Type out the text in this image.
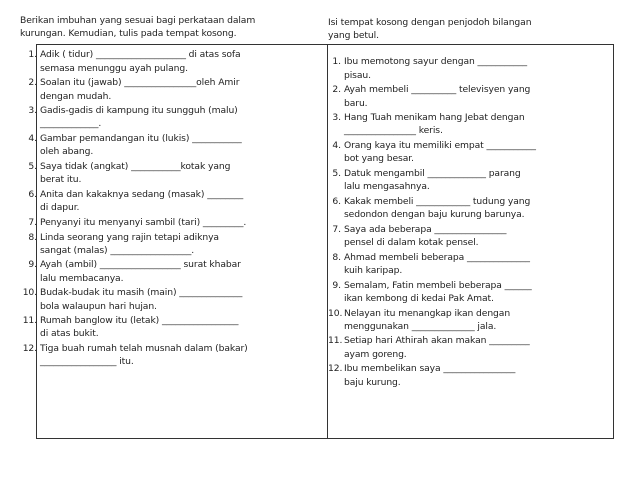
Berikan imbuhan yang sesuai bagi perkataan dalam kurungan. Kemudian, tulis pada tempat kosong.

1. Adik ( tidur) ____________________ di atas sofa
semasa menunggu ayah pulang.
2. Soalan itu (jawab) ________________oleh Amir
dengan mudah.
3. Gadis-gadis di kampung itu sungguh (malu)
_____________.
4. Gambar pemandangan itu (lukis) ___________
oleh abang.
5. Saya tidak (angkat) ___________kotak yang
berat itu.
6. Anita dan kakaknya sedang (masak) ________
di dapur.
7. Penyanyi itu menyanyi sambil (tari) _________.
8. Linda seorang yang rajin tetapi adiknya
sangat (malas) __________________.
9. Ayah (ambil) __________________ surat khabar
lalu membacanya.
10. Budak-budak itu masih (main) ______________
bola walaupun hari hujan.
11. Rumah banglow itu (letak) _________________
di atas bukit.
12. Tiga buah rumah telah musnah dalam (bakar)
_________________ itu.

Isi tempat kosong dengan penjodoh bilangan yang betul.

1. Ibu memotong sayur dengan ___________
pisau.
2. Ayah membeli __________ televisyen yang
baru.
3. Hang Tuah menikam hang Jebat dengan
________________ keris.
4. Orang kaya itu memiliki empat ___________
bot yang besar.
5. Datuk mengambil _____________ parang
lalu mengasahnya.
6. Kakak membeli ____________ tudung yang
sedondon dengan baju kurung barunya.
7. Saya ada beberapa ________________
pensel di dalam kotak pensel.
8. Ahmad membeli beberapa ______________
kuih karipap.
9. Semalam, Fatin membeli beberapa ______
ikan kembong di kedai Pak Amat.
10. Nelayan itu menangkap ikan dengan
menggunakan ______________ jala.
11. Setiap hari Athirah akan makan _________
ayam goreng.
12. Ibu membelikan saya ________________
baju kurung.
